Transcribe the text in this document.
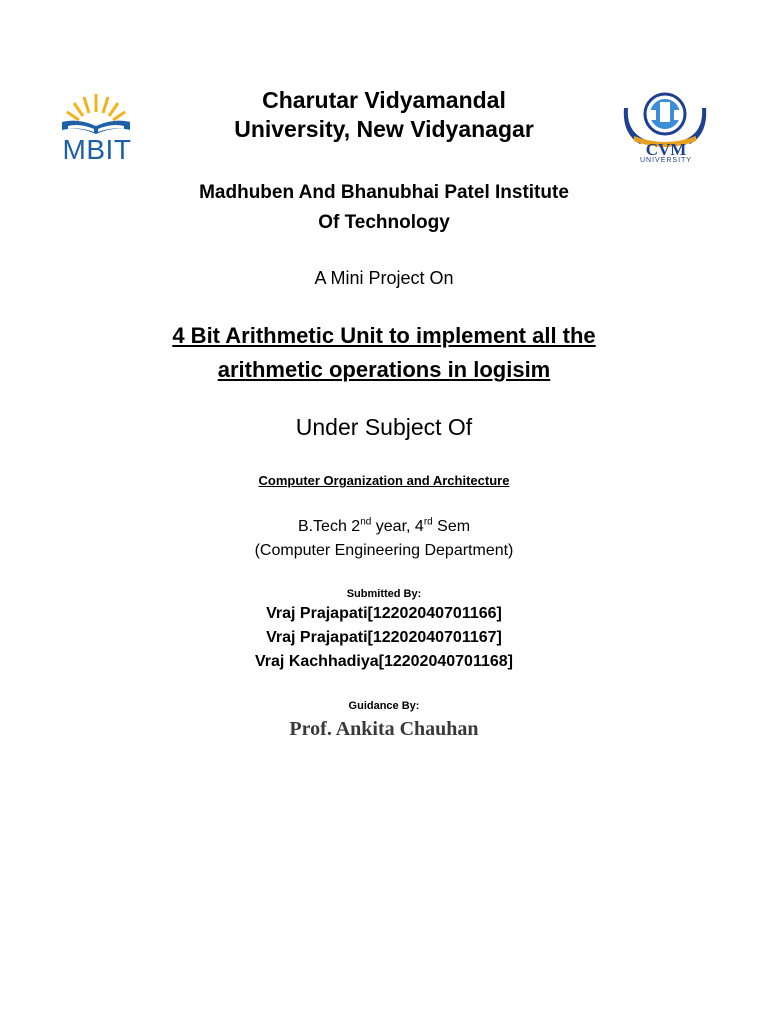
MBIT	CVM
UNIVERSITY
Charutar Vidyamandal
University, New Vidyanagar
Madhuben And Bhanubhai Patel Institute
Of Technology
A Mini Project On
4 Bit Arithmetic Unit to implement all the
arithmetic operations in logisim
Under Subject Of
Computer Organization and Architecture
B.Tech 2nd year, 4rd Sem
(Computer Engineering Department)
Submitted By:
Vraj Prajapati[12202040701166]
Vraj Prajapati[12202040701167]
Vraj Kachhadiya[12202040701168]
Guidance By:
Prof. Ankita Chauhan
